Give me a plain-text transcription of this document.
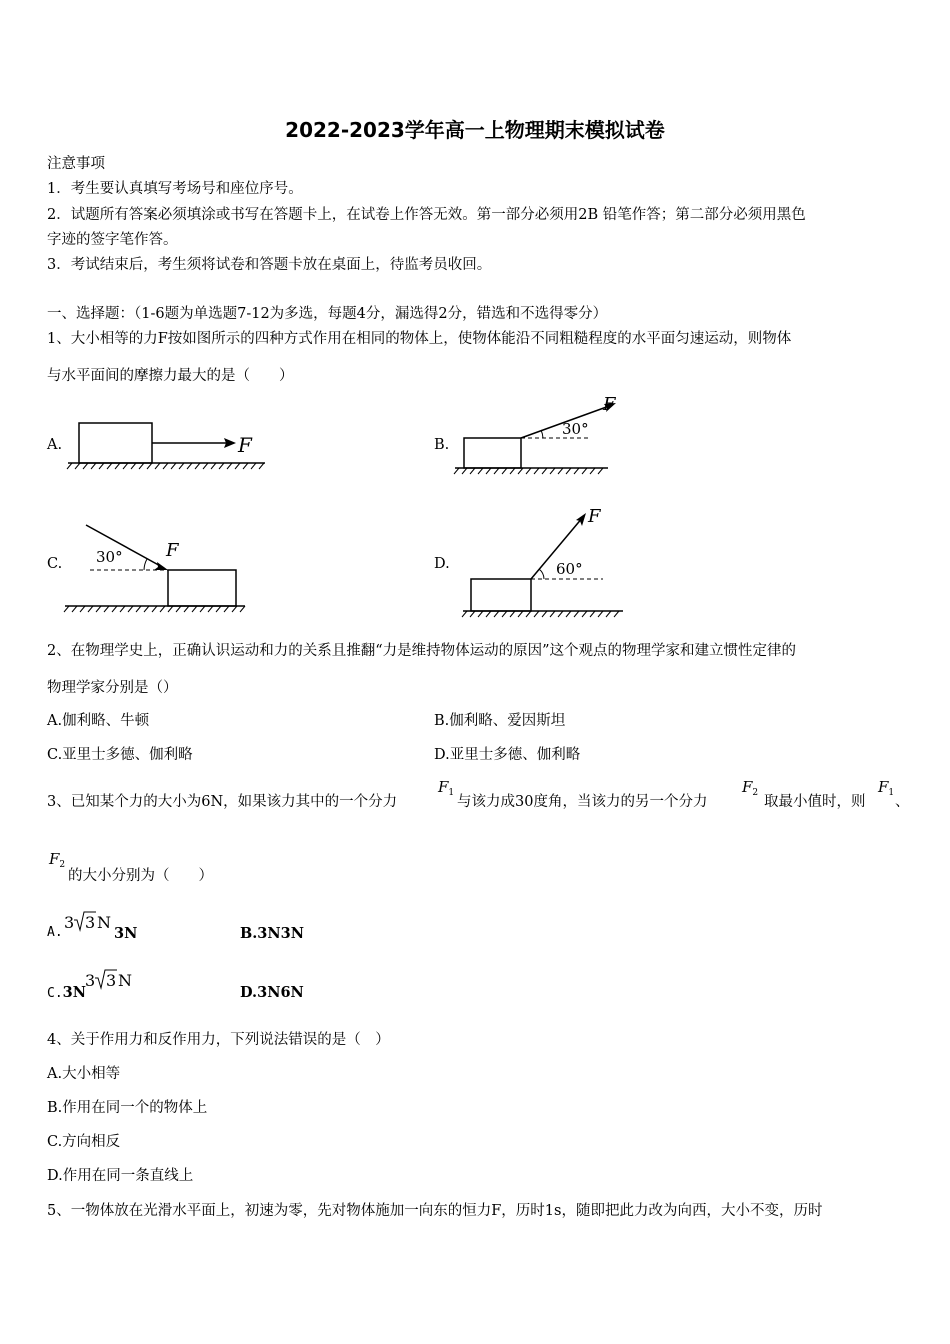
2022-2023学年高一上物理期末模拟试卷
注意事项
1．考生要认真填写考场号和座位序号。
2．试题所有答案必须填涂或书写在答题卡上，在试卷上作答无效。第一部分必须用2B 铅笔作答；第二部分必须用黑色
字迹的签字笔作答。
3．考试结束后，考生须将试卷和答题卡放在桌面上，待监考员收回。
一、选择题：（1-6题为单选题7-12为多选，每题4分，漏选得2分，错选和不选得零分）
1、大小相等的力F按如图所示的四种方式作用在相同的物体上，使物体能沿不同粗糙程度的水平面匀速运动，则物体
与水平面间的摩擦力最大的是（　　）
A.	F	B.
30°
F
C. 30° F
D.	60°
F
2、在物理学史上，正确认识运动和力的关系且推翻“力是维持物体运动的原因”这个观点的物理学家和建立惯性定律的
物理学家分别是（）
A.伽利略、牛顿	B.伽利略、爱因斯坦
C.亚里士多德、伽利略	D.亚里士多德、伽利略
3、已知某个力的大小为6N，如果该力其中的一个分力
$F_1$
与该力成30度角，当该力的另一个分力
$F_2$
取最小值时，则
$F_1$
、
$F_2$
的大小分别为（　　）
A.
3 3 N
3N	B.3N3N
C.3N
3 3 N
D.3N6N
4、关于作用力和反作用力，下列说法错误的是（　）
A.大小相等
B.作用在同一个的物体上
C.方向相反
D.作用在同一条直线上
5、一物体放在光滑水平面上，初速为零，先对物体施加一向东的恒力F，历时1s，随即把此力改为向西，大小不变，历时
